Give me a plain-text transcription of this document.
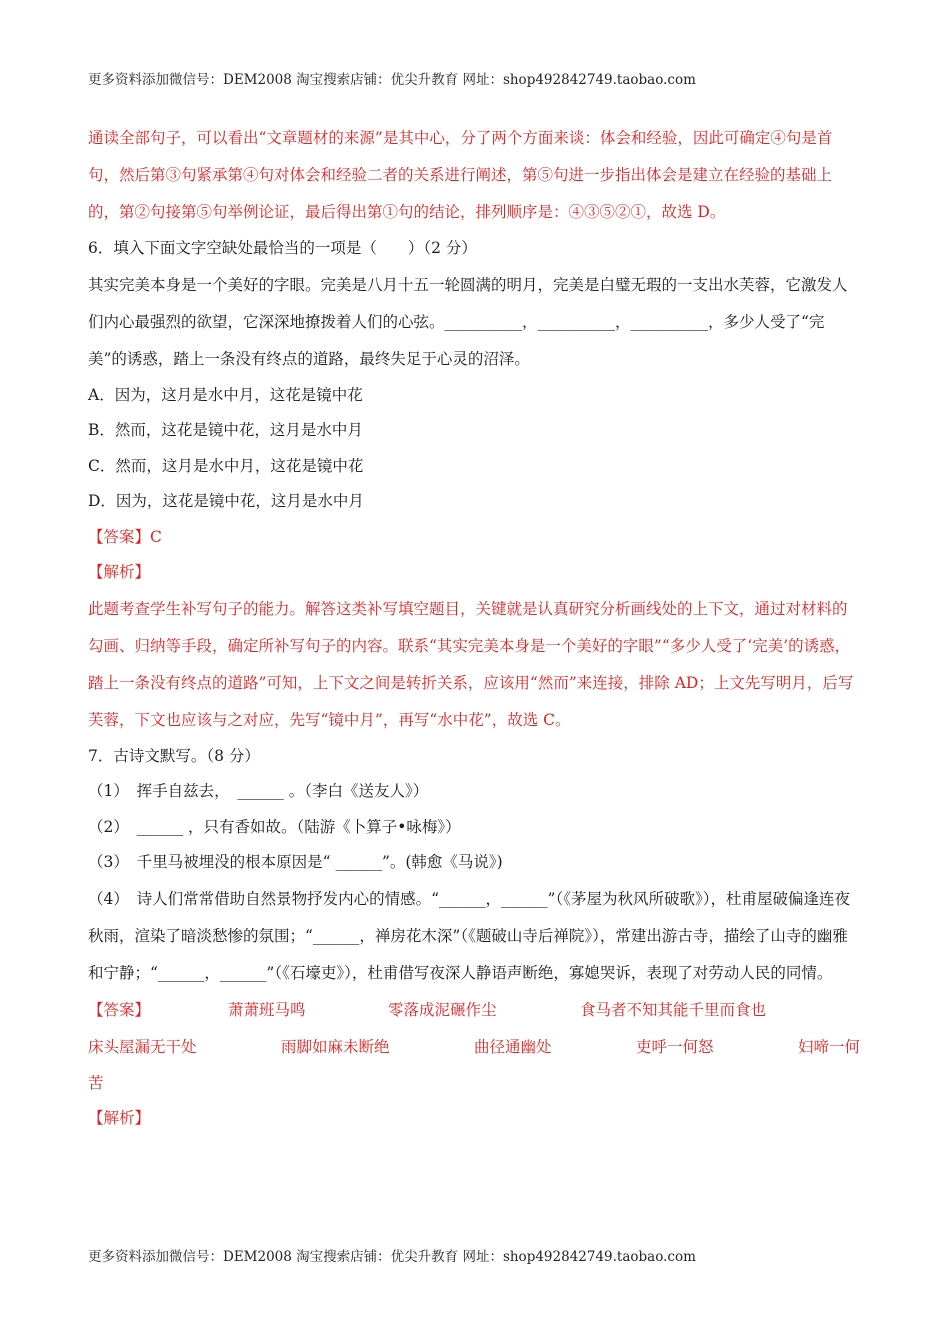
更多资料添加微信号：DEM2008 淘宝搜索店铺：优尖升教育 网址：shop492842749.taobao.com

通读全部句子，可以看出“文章题材的来源”是其中心，分了两个方面来谈：体会和经验，因此可确定④句是首句，然后第③句紧承第④句对体会和经验二者的关系进行阐述，第⑤句进一步指出体会是建立在经验的基础上的，第②句接第⑤句举例论证，最后得出第①句的结论，排列顺序是：④③⑤②①，故选 D。

6．填入下面文字空缺处最恰当的一项是（　　）（2 分）

其实完美本身是一个美好的字眼。完美是八月十五一轮圆满的明月，完美是白璧无瑕的一支出水芙蓉，它激发人们内心最强烈的欲望，它深深地撩拨着人们的心弦。__________，__________，__________，多少人受了“完美”的诱惑，踏上一条没有终点的道路，最终失足于心灵的沼泽。

A．因为，这月是水中月，这花是镜中花

B．然而，这花是镜中花，这月是水中月

C．然而，这月是水中月，这花是镜中花

D．因为，这花是镜中花，这月是水中月

【答案】C

【解析】

此题考查学生补写句子的能力。解答这类补写填空题目，关键就是认真研究分析画线处的上下文，通过对材料的勾画、归纳等手段，确定所补写句子的内容。联系“其实完美本身是一个美好的字眼”“多少人受了‘完美’的诱惑，踏上一条没有终点的道路”可知，上下文之间是转折关系，应该用“然而”来连接，排除 AD；上文先写明月，后写芙蓉，下文也应该与之对应，先写“镜中月”，再写“水中花”，故选 C。

7．古诗文默写。（8 分）

（1）　挥手自兹去，　______ 。（李白《送友人》）

（2）　______ ，只有香如故。（陆游《卜算子•咏梅》）

（3）　千里马被埋没的根本原因是“ ______”。(韩愈《马说》)

（4）　诗人们常常借助自然景物抒发内心的情感。“______，______”（《茅屋为秋风所破歌》），杜甫屋破偏逢连夜秋雨，渲染了暗淡愁惨的氛围；“______，禅房花木深”（《题破山寺后禅院》），常建出游古寺，描绘了山寺的幽雅和宁静；“______，______”（《石壕吏》），杜甫借写夜深人静语声断绝，寡媳哭诉，表现了对劳动人民的同情。

【答案】	萧萧班马鸣	零落成泥碾作尘	食马者不知其能千里而食也
床头屋漏无干处	雨脚如麻未断绝	曲径通幽处	吏呼一何怒	妇啼一何

苦

【解析】

更多资料添加微信号：DEM2008 淘宝搜索店铺：优尖升教育 网址：shop492842749.taobao.com
